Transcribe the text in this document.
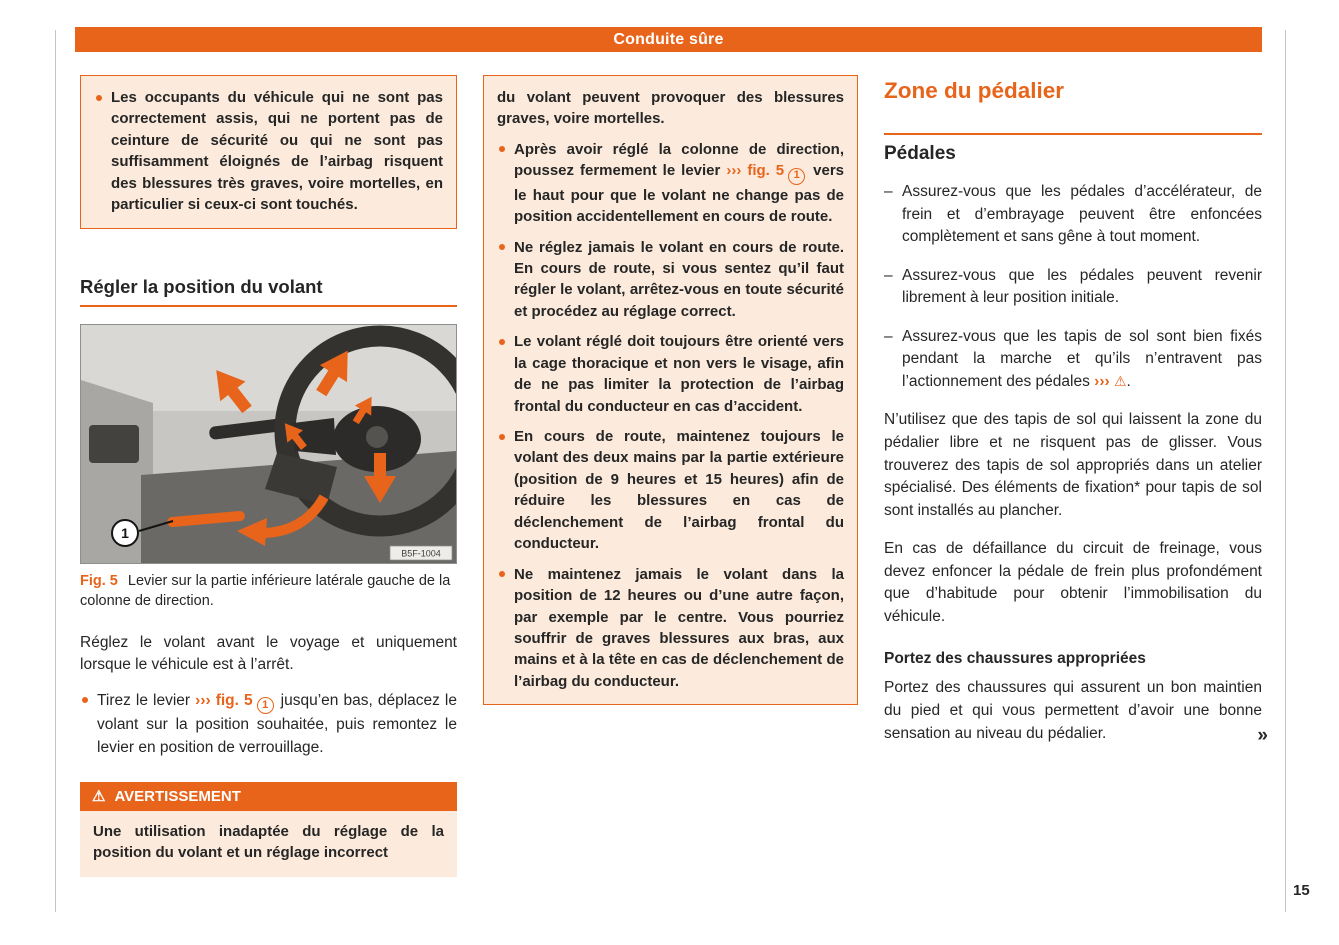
Conduite sûre

Les occupants du véhicule qui ne sont pas correctement assis, qui ne portent pas de ceinture de sécurité ou qui ne sont pas suffisamment éloignés de l’airbag risquent des blessures très graves, voire mortelles, en particulier si ceux-ci sont touchés.

Régler la position du volant
1
B5F-1004
Fig. 5 Levier sur la partie inférieure latérale gauche de la colonne de direction.

Réglez le volant avant le voyage et uniquement lorsque le véhicule est à l’arrêt.

Tirez le levier ››› fig. 5 1 jusqu’en bas, déplacez le volant sur la position souhaitée, puis remontez le levier en position de verrouillage.

⚠ AVERTISSEMENT
Une utilisation inadaptée du réglage de la position du volant et un réglage incorrect

du volant peuvent provoquer des blessures graves, voire mortelles.

Après avoir réglé la colonne de direction, poussez fermement le levier ››› fig. 5 1 vers le haut pour que le volant ne change pas de position accidentellement en cours de route.

Ne réglez jamais le volant en cours de route. En cours de route, si vous sentez qu’il faut régler le volant, arrêtez-vous en toute sécurité et procédez au réglage correct.

Le volant réglé doit toujours être orienté vers la cage thoracique et non vers le visage, afin de ne pas limiter la protection de l’airbag frontal du conducteur en cas d’accident.

En cours de route, maintenez toujours le volant des deux mains par la partie extérieure (position de 9 heures et 15 heures) afin de réduire les blessures en cas de déclenchement de l’airbag frontal du conducteur.

Ne maintenez jamais le volant dans la position de 12 heures ou d’une autre façon, par exemple par le centre. Vous pourriez souffrir de graves blessures aux bras, aux mains et à la tête en cas de déclenchement de l’airbag du conducteur.

Zone du pédalier
Pédales

– Assurez-vous que les pédales d’accélérateur, de frein et d’embrayage peuvent être enfoncées complètement et sans gêne à tout moment.

– Assurez-vous que les pédales peuvent revenir librement à leur position initiale.

– Assurez-vous que les tapis de sol sont bien fixés pendant la marche et qu’ils n’entravent pas l’actionnement des pédales ››› ⚠.

N’utilisez que des tapis de sol qui laissent la zone du pédalier libre et ne risquent pas de glisser. Vous trouverez des tapis de sol appropriés dans un atelier spécialisé. Des éléments de fixation* pour tapis de sol sont installés au plancher.

En cas de défaillance du circuit de freinage, vous devez enfoncer la pédale de frein plus profondément que d’habitude pour obtenir l’immobilisation du véhicule.

Portez des chaussures appropriées

Portez des chaussures qui assurent un bon maintien du pied et qui vous permettent d’avoir une bonne sensation au niveau du pédalier.	»
15
